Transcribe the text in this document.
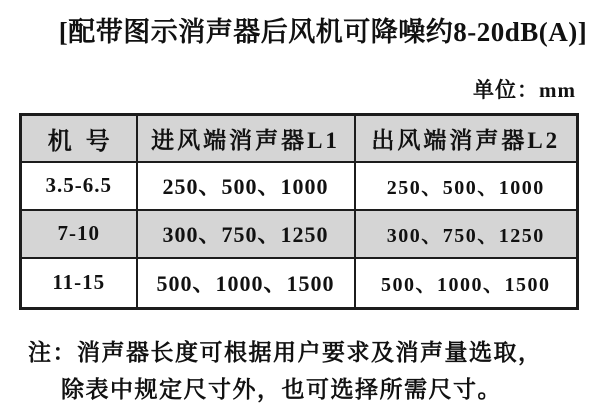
[配带图示消声器后风机可降噪约8-20dB(A)]
单位：mm
机号	进风端消声器L1	出风端消声器L2
3.5-6.5	250、500、1000	250、500、1000
7-10	300、750、1250	300、750、1250
11-15	500、1000、1500	500、1000、1500
注：消声器长度可根据用户要求及消声量选取，
除表中规定尺寸外，也可选择所需尺寸。
